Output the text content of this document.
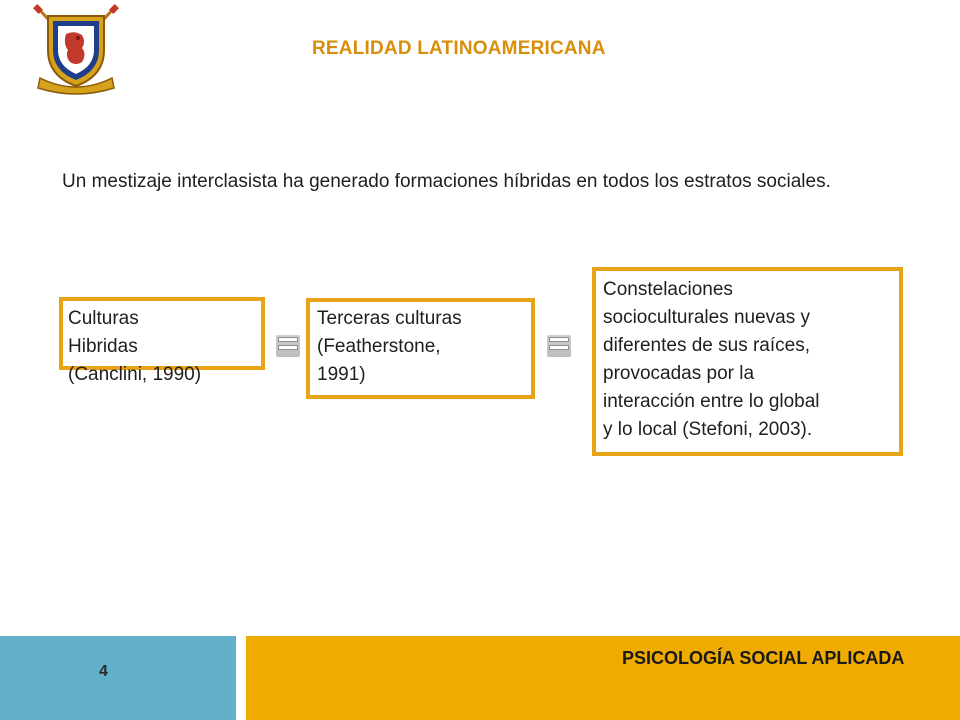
REALIDAD LATINOAMERICANA
Un mestizaje interclasista ha generado formaciones híbridas en todos los estratos sociales.
Culturas
Hibridas
(Canclini, 1990)
Terceras culturas
(Featherstone,
1991)
Constelaciones
socioculturales nuevas y
diferentes de sus raíces,
provocadas por la
interacción entre lo global
y lo local (Stefoni, 2003).
4
PSICOLOGÍA SOCIAL APLICADA
